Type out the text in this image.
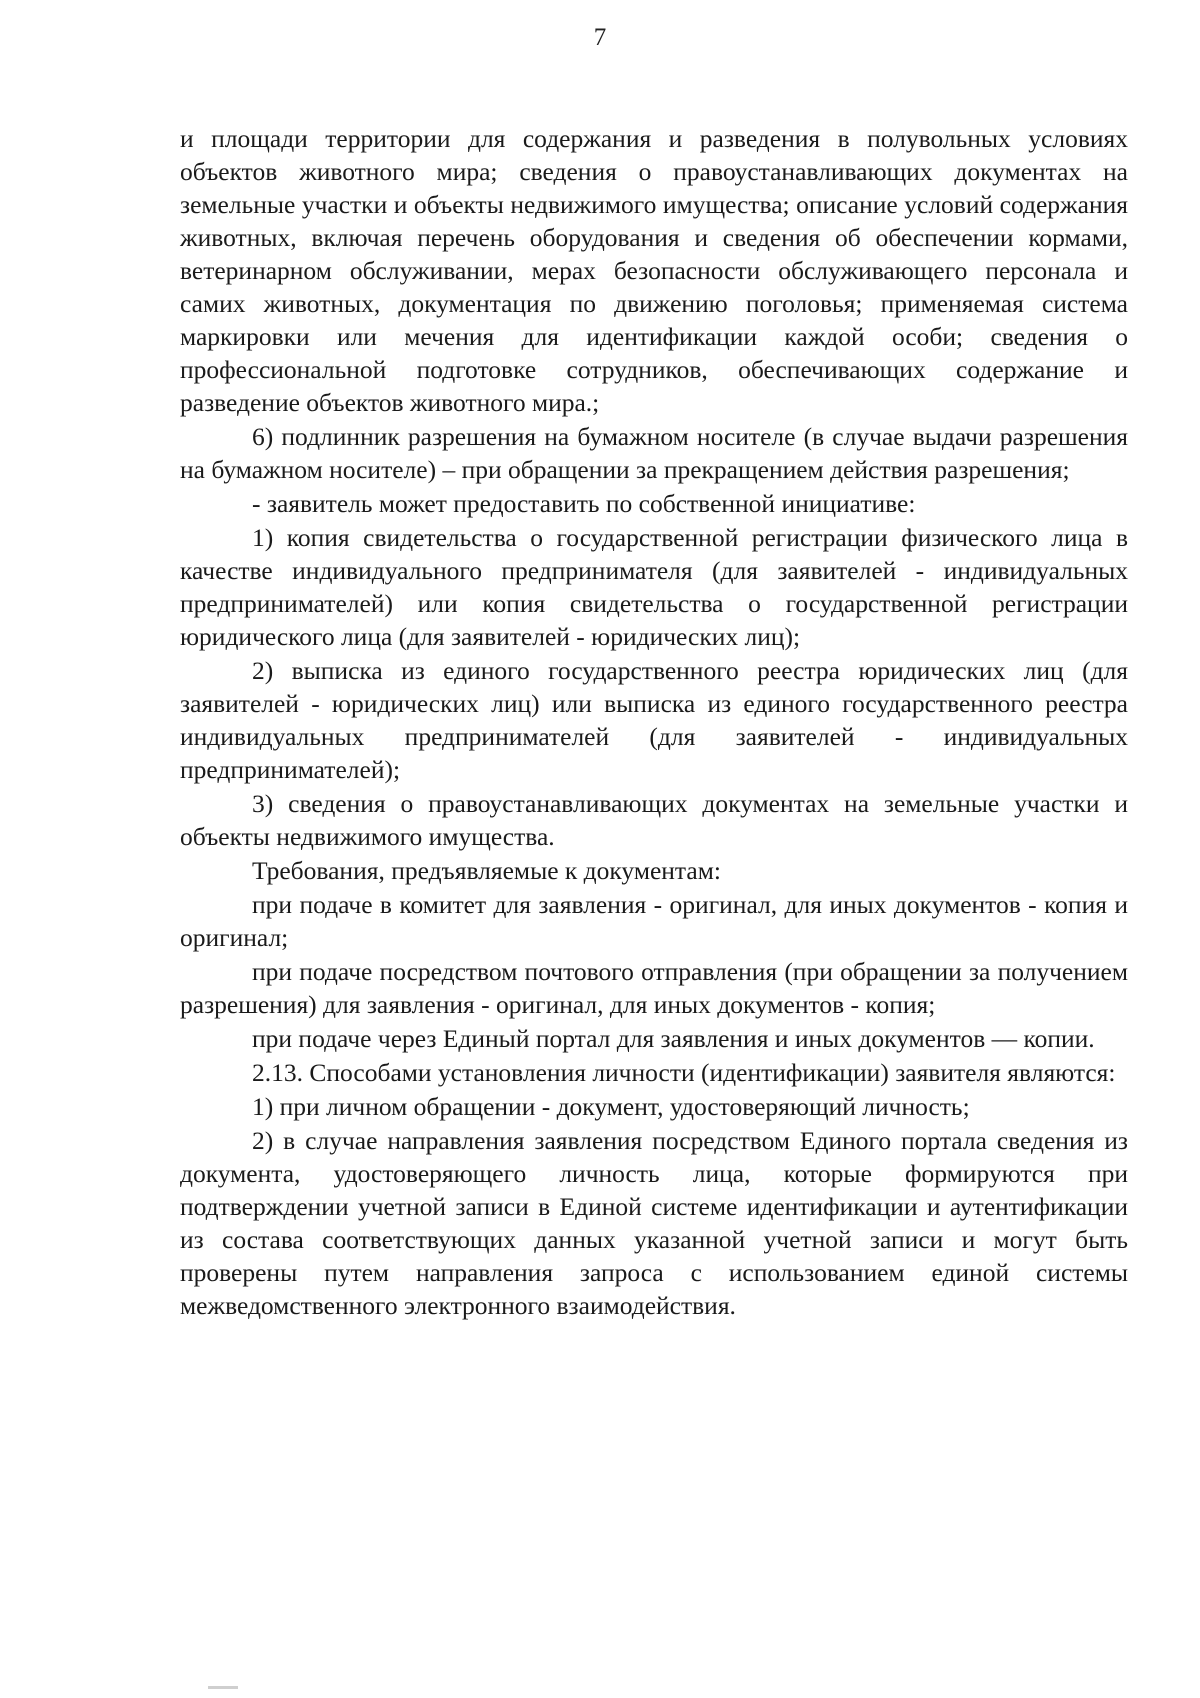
7

и площади территории для содержания и разведения в полувольных условиях объектов животного мира; сведения о правоустанавливающих документах на земельные участки и объекты недвижимого имущества; описание условий содержания животных, включая перечень оборудования и сведения об обеспечении кормами, ветеринарном обслуживании, мерах безопасности обслуживающего персонала и самих животных, документация по движению поголовья; применяемая система маркировки или мечения для идентификации каждой особи; сведения о профессиональной подготовке сотрудников, обеспечивающих содержание и разведение объектов животного мира.;

6) подлинник разрешения на бумажном носителе (в случае выдачи разрешения на бумажном носителе) – при обращении за прекращением действия разрешения;

- заявитель может предоставить по собственной инициативе:

1) копия свидетельства о государственной регистрации физического лица в качестве индивидуального предпринимателя (для заявителей - индивидуальных предпринимателей) или копия свидетельства о государственной регистрации юридического лица (для заявителей - юридических лиц);

2) выписка из единого государственного реестра юридических лиц (для заявителей - юридических лиц) или выписка из единого государственного реестра индивидуальных предпринимателей (для заявителей - индивидуальных предпринимателей);

3) сведения о правоустанавливающих документах на земельные участки и объекты недвижимого имущества.

Требования, предъявляемые к документам:

при подаче в комитет для заявления - оригинал, для иных документов - копия и оригинал;

при подаче посредством почтового отправления (при обращении за получением разрешения) для заявления - оригинал, для иных документов - копия;

при подаче через Единый портал для заявления и иных документов — копии.

2.13. Способами установления личности (идентификации) заявителя являются:

1) при личном обращении - документ, удостоверяющий личность;

2) в случае направления заявления посредством Единого портала сведения из документа, удостоверяющего личность лица, которые формируются при подтверждении учетной записи в Единой системе идентификации и аутентификации из состава соответствующих данных указанной учетной записи и могут быть проверены путем направления запроса с использованием единой системы межведомственного электронного взаимодействия.
